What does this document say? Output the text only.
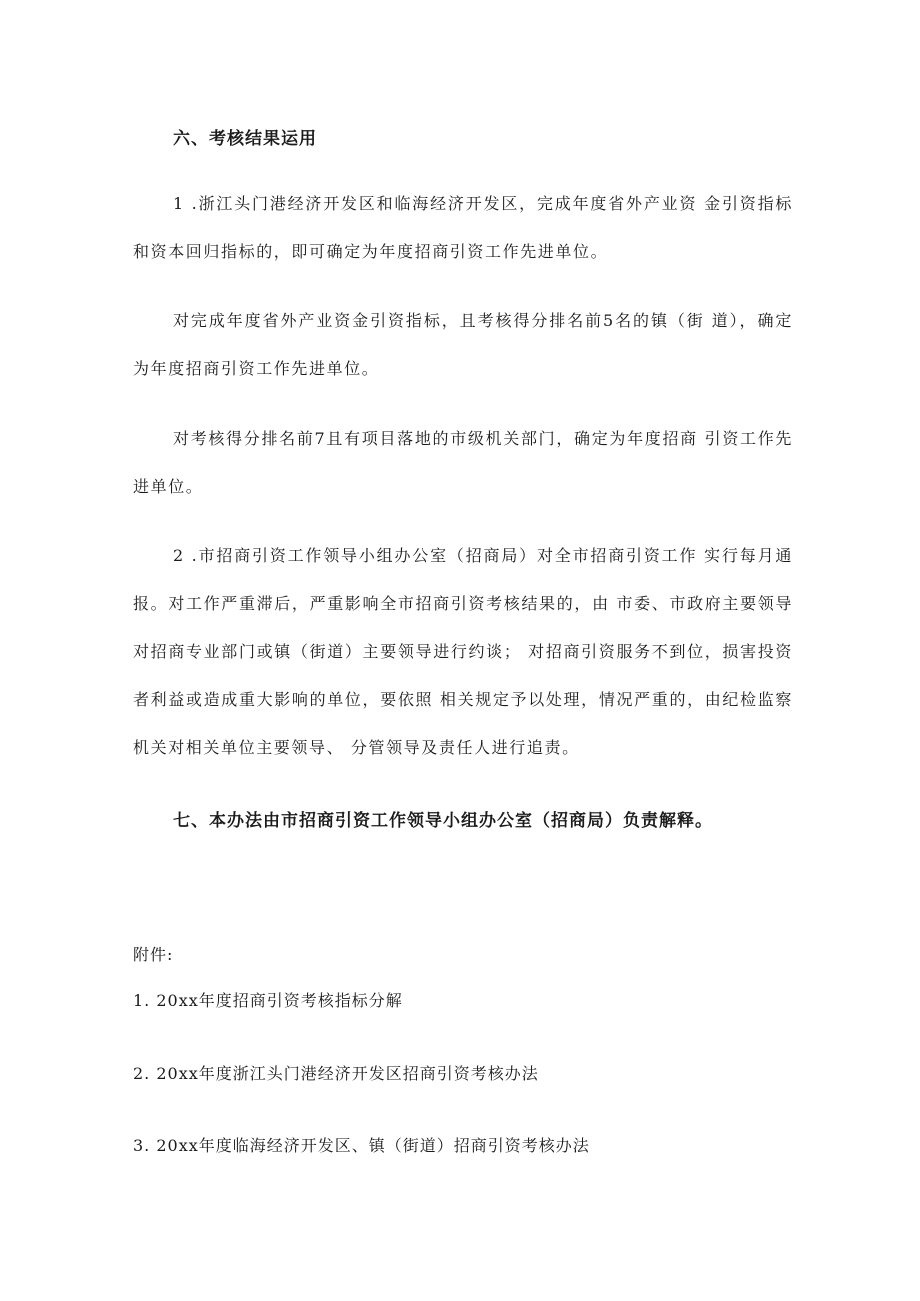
六、考核结果运用

1 .浙江头门港经济开发区和临海经济开发区，完成年度省外产业资 金引资指标和资本回归指标的，即可确定为年度招商引资工作先进单位。

对完成年度省外产业资金引资指标，且考核得分排名前5名的镇（街 道），确定为年度招商引资工作先进单位。

对考核得分排名前7且有项目落地的市级机关部门，确定为年度招商 引资工作先进单位。

2 .市招商引资工作领导小组办公室（招商局）对全市招商引资工作 实行每月通报。对工作严重滞后，严重影响全市招商引资考核结果的，由 市委、市政府主要领导对招商专业部门或镇（街道）主要领导进行约谈； 对招商引资服务不到位，损害投资者利益或造成重大影响的单位，要依照 相关规定予以处理，情况严重的，由纪检监察机关对相关单位主要领导、 分管领导及责任人进行追责。

七、本办法由市招商引资工作领导小组办公室（招商局）负责解释。
附件:
1. 20xx年度招商引资考核指标分解
2. 20xx年度浙江头门港经济开发区招商引资考核办法
3. 20xx年度临海经济开发区、镇（街道）招商引资考核办法
